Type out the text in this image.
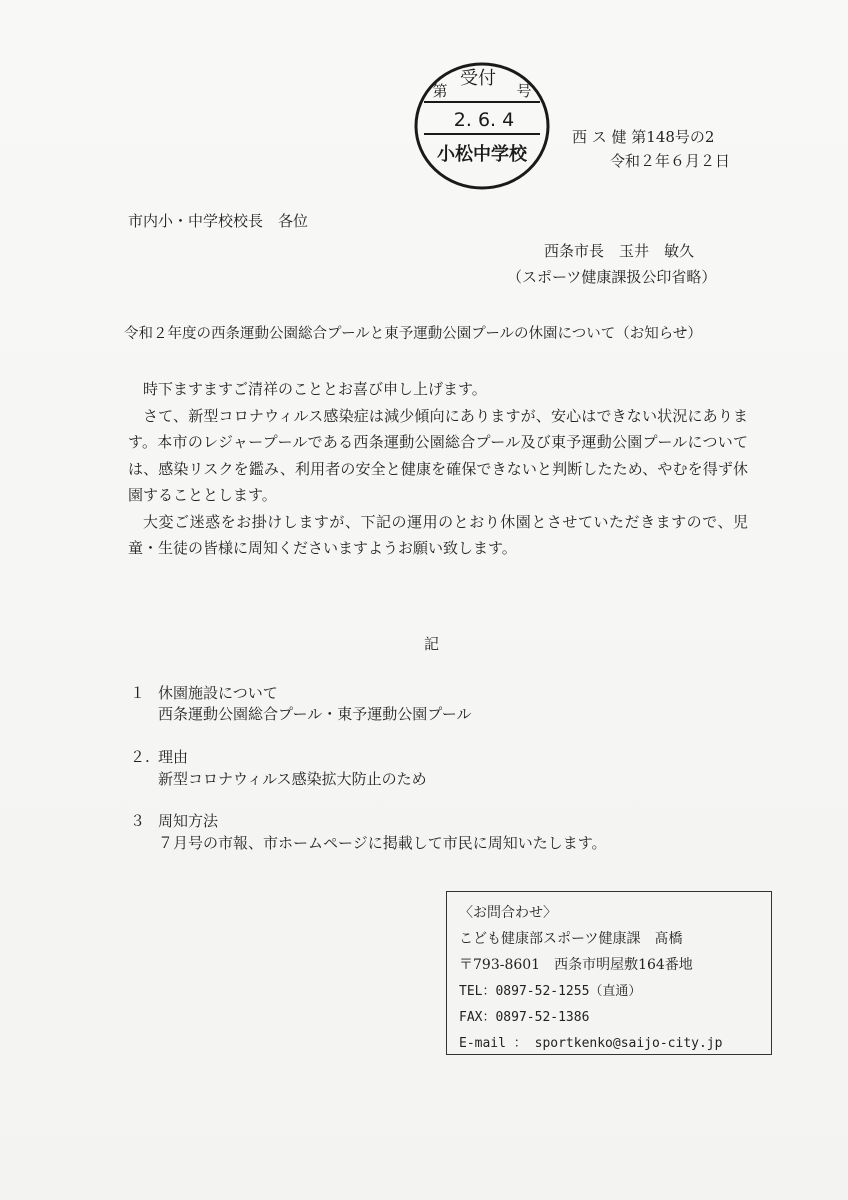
受付
第	号
2. 6. 4
小松中学校
西 ス 健 第148号の2
令和２年６月２日
市内小・中学校校長　各位
西条市長　玉井　敏久
（スポーツ健康課扱公印省略）
令和２年度の西条運動公園総合プールと東予運動公園プールの休園について（お知らせ）

時下ますますご清祥のこととお喜び申し上げます。

さて、新型コロナウィルス感染症は減少傾向にありますが、安心はできない状況にあります。本市のレジャープールである西条運動公園総合プール及び東予運動公園プールについては、感染リスクを鑑み、利用者の安全と健康を確保できないと判断したため、やむを得ず休園することとします。

大変ご迷惑をお掛けしますが、下記の運用のとおり休園とさせていただきますので、児童・生徒の皆様に周知くださいますようお願い致します。

記
１ 休園施設について
西条運動公園総合プール・東予運動公園プール
２. 理由
新型コロナウィルス感染拡大防止のため
３ 周知方法
７月号の市報、市ホームページに掲載して市民に周知いたします。
〈お問合わせ〉
こども健康部スポーツ健康課　髙橋
〒793-8601　西条市明屋敷164番地
TEL：0897-52-1255（直通）
FAX：0897-52-1386
E-mail ： sportkenko@saijo-city.jp
